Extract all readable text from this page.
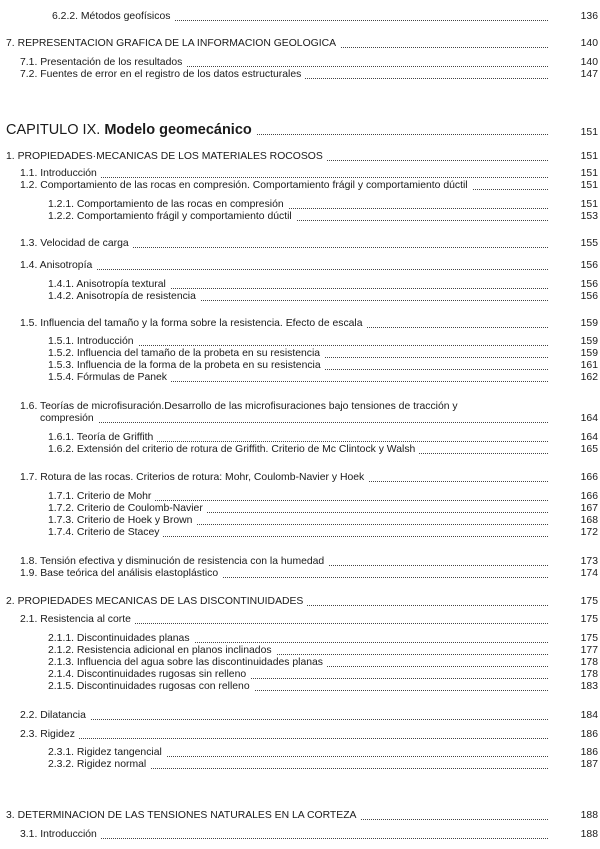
6.2.2. Métodos geofísicos	136
7. REPRESENTACION GRAFICA DE LA INFORMACION GEOLOGICA	140
7.1. Presentación de los resultados	140
7.2. Fuentes de error en el registro de los datos estructurales	147
CAPITULO IX. Modelo geomecánico	151
1. PROPIEDADES·MECANICAS DE LOS MATERIALES ROCOSOS	151
1.1. Introducción	151
1.2. Comportamiento de las rocas en compresión. Comportamiento frágil y comportamiento dúctil	151
1.2.1. Comportamiento de las rocas en compresión	151
1.2.2. Comportamiento frágil y comportamiento dúctil	153
1.3. Velocidad de carga	155
1.4. Anisotropía	156
1.4.1. Anisotropía textural	156
1.4.2. Anisotropía de resistencia	156
1.5. Influencia del tamaño y la forma sobre la resistencia. Efecto de escala	159
1.5.1. Introducción	159
1.5.2. Influencia del tamaño de la probeta en su resistencia	159
1.5.3. Influencia de la forma de la probeta en su resistencia	161
1.5.4. Fórmulas de Panek	162
1.6. Teorías de microfisuración.Desarrollo de las microfisuraciones bajo tensiones de tracción y
compresión	164
1.6.1. Teoría de Griffith	164
1.6.2. Extensión del criterio de rotura de Griffith. Criterio de Mc Clintock y Walsh	165
1.7. Rotura de las rocas. Criterios de rotura: Mohr, Coulomb-Navier y Hoek	166
1.7.1. Criterio de Mohr	166
1.7.2. Criterio de Coulomb-Navier	167
1.7.3. Criterio de Hoek y Brown	168
1.7.4. Criterio de Stacey	172
1.8. Tensión efectiva y disminución de resistencia con la humedad	173
1.9. Base teórica del análisis elastoplástico	174
2. PROPIEDADES MECANICAS DE LAS DISCONTINUIDADES	175
2.1. Resistencia al corte	175
2.1.1. Discontinuidades planas	175
2.1.2. Resistencia adicional en planos inclinados	177
2.1.3. Influencia del agua sobre las discontinuidades planas	178
2.1.4. Discontinuidades rugosas sin relleno	178
2.1.5. Discontinuidades rugosas con relleno	183
2.2. Dilatancia	184
2.3. Rigidez	186
2.3.1. Rigidez tangencial	186
2.3.2. Rigidez normal	187
3. DETERMINACION DE LAS TENSIONES NATURALES EN LA CORTEZA	188
3.1. Introducción	188
